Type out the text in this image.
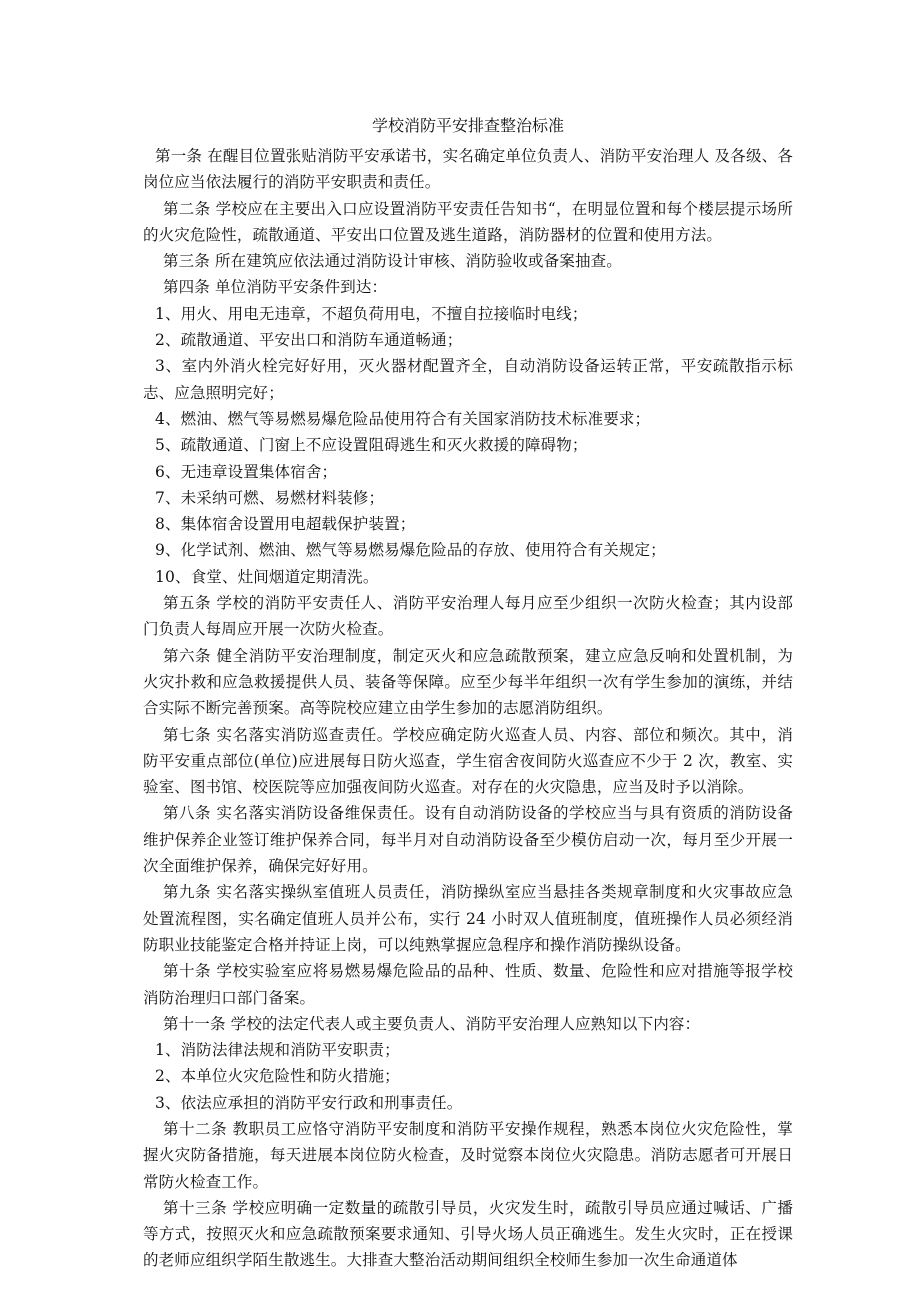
学校消防平安排查整治标准

第一条 在醒目位置张贴消防平安承诺书，实名确定单位负责人、消防平安治理人 及各级、各岗位应当依法履行的消防平安职责和责任。

第二条 学校应在主要出入口应设置消防平安责任告知书“，在明显位置和每个楼层提示场所的火灾危险性，疏散通道、平安出口位置及逃生道路，消防器材的位置和使用方法。

第三条 所在建筑应依法通过消防设计审核、消防验收或备案抽查。

第四条 单位消防平安条件到达：

1、用火、用电无违章，不超负荷用电，不擅自拉接临时电线；

2、疏散通道、平安出口和消防车通道畅通；

3、室内外消火栓完好好用，灭火器材配置齐全，自动消防设备运转正常，平安疏散指示标志、应急照明完好；

4、燃油、燃气等易燃易爆危险品使用符合有关国家消防技术标准要求；

5、疏散通道、门窗上不应设置阻碍逃生和灭火救援的障碍物；

6、无违章设置集体宿舍；

7、未采纳可燃、易燃材料装修；

8、集体宿舍设置用电超载保护装置；

9、化学试剂、燃油、燃气等易燃易爆危险品的存放、使用符合有关规定；

10、食堂、灶间烟道定期清洗。

第五条 学校的消防平安责任人、消防平安治理人每月应至少组织一次防火检查；其内设部门负责人每周应开展一次防火检查。

第六条 健全消防平安治理制度，制定灭火和应急疏散预案，建立应急反响和处置机制，为火灾扑救和应急救援提供人员、装备等保障。应至少每半年组织一次有学生参加的演练，并结合实际不断完善预案。高等院校应建立由学生参加的志愿消防组织。

第七条 实名落实消防巡查责任。学校应确定防火巡查人员、内容、部位和频次。其中，消防平安重点部位(单位)应进展每日防火巡查，学生宿舍夜间防火巡查应不少于 2 次，教室、实验室、图书馆、校医院等应加强夜间防火巡查。对存在的火灾隐患，应当及时予以消除。

第八条 实名落实消防设备维保责任。设有自动消防设备的学校应当与具有资质的消防设备维护保养企业签订维护保养合同，每半月对自动消防设备至少模仿启动一次，每月至少开展一次全面维护保养，确保完好好用。

第九条 实名落实操纵室值班人员责任，消防操纵室应当悬挂各类规章制度和火灾事故应急处置流程图，实名确定值班人员并公布，实行 24 小时双人值班制度，值班操作人员必须经消防职业技能鉴定合格并持证上岗，可以纯熟掌握应急程序和操作消防操纵设备。

第十条 学校实验室应将易燃易爆危险品的品种、性质、数量、危险性和应对措施等报学校消防治理归口部门备案。

第十一条 学校的法定代表人或主要负责人、消防平安治理人应熟知以下内容：

1、消防法律法规和消防平安职责；

2、本单位火灾危险性和防火措施；

3、依法应承担的消防平安行政和刑事责任。

第十二条 教职员工应恪守消防平安制度和消防平安操作规程，熟悉本岗位火灾危险性，掌握火灾防备措施，每天进展本岗位防火检查，及时觉察本岗位火灾隐患。消防志愿者可开展日常防火检查工作。

第十三条 学校应明确一定数量的疏散引导员，火灾发生时，疏散引导员应通过喊话、广播等方式，按照灭火和应急疏散预案要求通知、引导火场人员正确逃生。发生火灾时，正在授课的老师应组织学陌生散逃生。大排查大整治活动期间组织全校师生参加一次生命通道体
